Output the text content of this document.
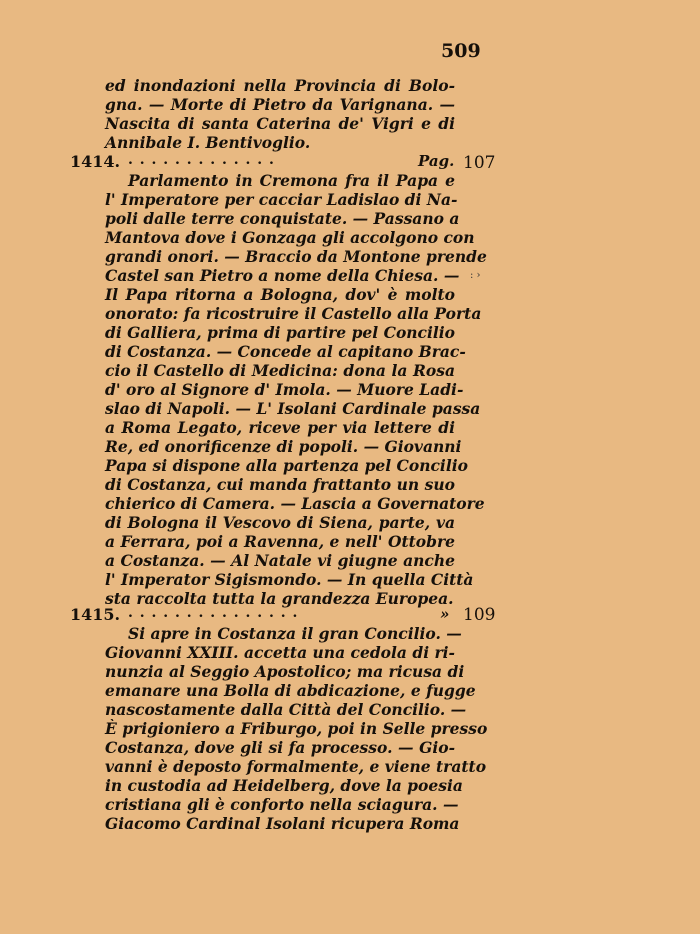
509
ed inondazioni nella Provincia di Bolo-
gna. — Morte di Pietro da Varignana. —
Nascita di santa Caterina de' Vigri e di
Annibale I. Bentivoglio.
1414. . . . . . . . . . . . . .	Pag. 107
Parlamento in Cremona fra il Papa e
l' Imperatore per cacciar Ladislao di Na-
poli dalle terre conquistate. — Passano a
Mantova dove i Gonzaga gli accolgono con
grandi onori. — Braccio da Montone prende
Castel san Pietro a nome della Chiesa. —
Il Papa ritorna a Bologna, dov' è molto
onorato: fa ricostruire il Castello alla Porta
di Galliera, prima di partire pel Concilio
di Costanza. — Concede al capitano Brac-
cio il Castello di Medicina: dona la Rosa
d' oro al Signore d' Imola. — Muore Ladi-
slao di Napoli. — L' Isolani Cardinale passa
a Roma Legato, riceve per via lettere di
Re, ed onorificenze di popoli. — Giovanni
Papa si dispone alla partenza pel Concilio
di Costanza, cui manda frattanto un suo
chierico di Camera. — Lascia a Governatore
di Bologna il Vescovo di Siena, parte, va
a Ferrara, poi a Ravenna, e nell' Ottobre
a Costanza. — Al Natale vi giugne anche
l' Imperator Sigismondo. — In quella Città
sta raccolta tutta la grandezza Europea.
1415. . . . . . . . . . . . . . . .	» 109
Si apre in Costanza il gran Concilio. —
Giovanni XXIII. accetta una cedola di ri-
nunzia al Seggio Apostolico; ma ricusa di
emanare una Bolla di abdicazione, e fugge
nascostamente dalla Città del Concilio. —
È prigioniero a Friburgo, poi in Selle presso
Costanza, dove gli si fa processo. — Gio-
vanni è deposto formalmente, e viene tratto
in custodia ad Heidelberg, dove la poesia
cristiana gli è conforto nella sciagura. —
Giacomo Cardinal Isolani ricupera Roma
: ›
